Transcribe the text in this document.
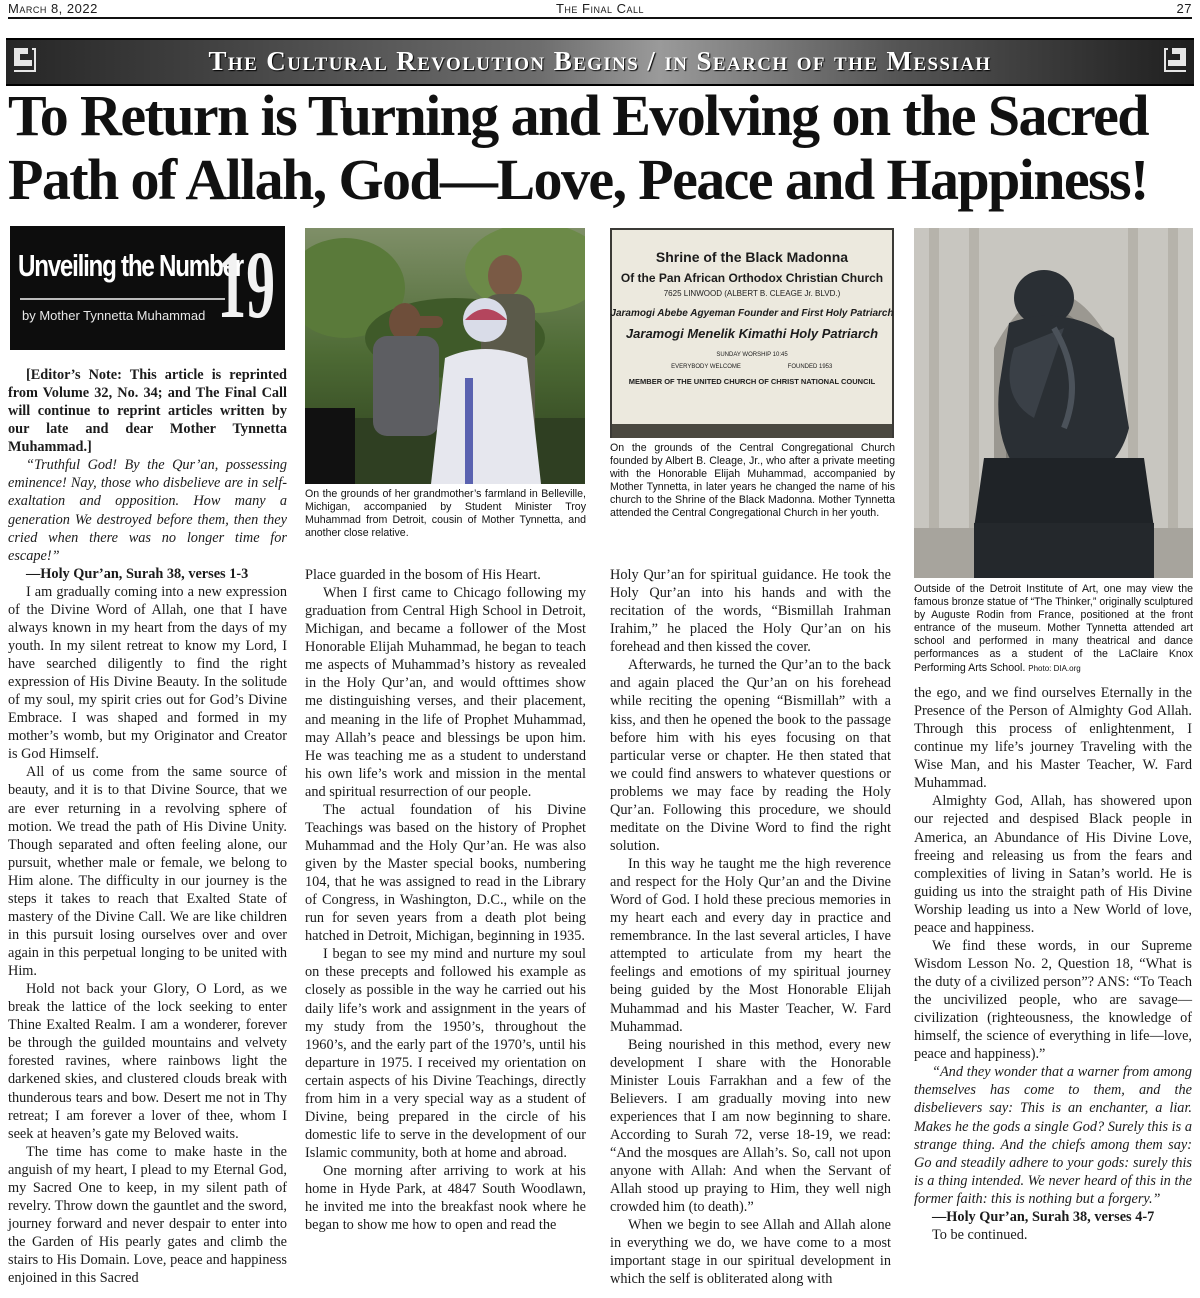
March 8, 2022	The Final Call	27
The Cultural Revolution Begins / in Search of the Messiah
To Return is Turning and Evolving on the Sacred
Path of Allah, God—Love, Peace and Happiness!
Unveiling the Number
by Mother Tynnetta Muhammad 19
On the grounds of her grandmother’s farmland in Belleville, Michigan, accompanied by Student Minister Troy Muhammad from Detroit, cousin of Mother Tynnetta, and another close relative.
Shrine of the Black Madonna
Of the Pan African Orthodox Christian Church
7625 LINWOOD (ALBERT B. CLEAGE Jr. BLVD.)
Jaramogi Abebe Agyeman Founder and First Holy Patriarch
Jaramogi Menelik Kimathi Holy Patriarch
SUNDAY WORSHIP 10:45
EVERYBODY WELCOME	FOUNDED 1953
MEMBER OF THE UNITED CHURCH OF CHRIST NATIONAL COUNCIL
On the grounds of the Central Congregational Church founded by Albert B. Cleage, Jr., who after a private meeting with the Honorable Elijah Muhammad, accompanied by Mother Tynnetta, in later years he changed the name of his church to the Shrine of the Black Madonna. Mother Tynnetta attended the Central Congregational Church in her youth.
Outside of the Detroit Institute of Art, one may view the famous bronze statue of “The Thinker,” originally sculptured by Auguste Rodin from France, positioned at the front entrance of the museum. Mother Tynnetta attended art school and performed in many theatrical and dance performances as a student of the LaClaire Knox Performing Arts School. Photo: DIA.org

[Editor’s Note: This article is reprinted from Volume 32, No. 34; and The Final Call will continue to reprint articles written by our late and dear Mother Tynnetta Muhammad.]

“Truthful God! By the Qur’an, possessing eminence! Nay, those who disbelieve are in self-exaltation and opposition. How many a generation We destroyed before them, then they cried when there was no longer time for escape!”

—Holy Qur’an, Surah 38, verses 1-3

I am gradually coming into a new expression of the Divine Word of Allah, one that I have always known in my heart from the days of my youth. In my silent retreat to know my Lord, I have searched diligently to find the right expression of His Divine Beauty. In the solitude of my soul, my spirit cries out for God’s Divine Embrace. I was shaped and formed in my mother’s womb, but my Originator and Creator is God Himself.

All of us come from the same source of beauty, and it is to that Divine Source, that we are ever returning in a revolving sphere of motion. We tread the path of His Divine Unity. Though separated and often feeling alone, our pursuit, whether male or female, we belong to Him alone. The difficulty in our journey is the steps it takes to reach that Exalted State of mastery of the Divine Call. We are like children in this pursuit losing ourselves over and over again in this perpetual longing to be united with Him.

Hold not back your Glory, O Lord, as we break the lattice of the lock seeking to enter Thine Exalted Realm. I am a wonderer, forever be through the guilded mountains and velvety forested ravines, where rainbows light the darkened skies, and clustered clouds break with thunderous tears and bow. Desert me not in Thy retreat; I am forever a lover of thee, whom I seek at heaven’s gate my Beloved waits.

The time has come to make haste in the anguish of my heart, I plead to my Eternal God, my Sacred One to keep, in my silent path of revelry. Throw down the gauntlet and the sword, journey forward and never despair to enter into the Garden of His pearly gates and climb the stairs to His Domain. Love, peace and happiness enjoined in this Sacred

Place guarded in the bosom of His Heart.

When I first came to Chicago following my graduation from Central High School in Detroit, Michigan, and became a follower of the Most Honorable Elijah Muhammad, he began to teach me aspects of Muhammad’s history as revealed in the Holy Qur’an, and would ofttimes show me distinguishing verses, and their placement, and meaning in the life of Prophet Muhammad, may Allah’s peace and blessings be upon him. He was teaching me as a student to understand his own life’s work and mission in the mental and spiritual resurrection of our people.

The actual foundation of his Divine Teachings was based on the history of Prophet Muhammad and the Holy Qur’an. He was also given by the Master special books, numbering 104, that he was assigned to read in the Library of Congress, in Washington, D.C., while on the run for seven years from a death plot being hatched in Detroit, Michigan, beginning in 1935.

I began to see my mind and nurture my soul on these precepts and followed his example as closely as possible in the way he carried out his daily life’s work and assignment in the years of my study from the 1950’s, throughout the 1960’s, and the early part of the 1970’s, until his departure in 1975. I received my orientation on certain aspects of his Divine Teachings, directly from him in a very special way as a student of Divine, being prepared in the circle of his domestic life to serve in the development of our Islamic community, both at home and abroad.

One morning after arriving to work at his home in Hyde Park, at 4847 South Woodlawn, he invited me into the breakfast nook where he began to show me how to open and read the

Holy Qur’an for spiritual guidance. He took the Holy Qur’an into his hands and with the recitation of the words, “Bismillah Irahman Irahim,” he placed the Holy Qur’an on his forehead and then kissed the cover.

Afterwards, he turned the Qur’an to the back and again placed the Qur’an on his forehead while reciting the opening “Bismillah” with a kiss, and then he opened the book to the passage before him with his eyes focusing on that particular verse or chapter. He then stated that we could find answers to whatever questions or problems we may face by reading the Holy Qur’an. Following this procedure, we should meditate on the Divine Word to find the right solution.

In this way he taught me the high reverence and respect for the Holy Qur’an and the Divine Word of God. I hold these precious memories in my heart each and every day in practice and remembrance. In the last several articles, I have attempted to articulate from my heart the feelings and emotions of my spiritual journey being guided by the Most Honorable Elijah Muhammad and his Master Teacher, W. Fard Muhammad.

Being nourished in this method, every new development I share with the Honorable Minister Louis Farrakhan and a few of the Believers. I am gradually moving into new experiences that I am now beginning to share. According to Surah 72, verse 18-19, we read: “And the mosques are Allah’s. So, call not upon anyone with Allah: And when the Servant of Allah stood up praying to Him, they well nigh crowded him (to death).”

When we begin to see Allah and Allah alone in everything we do, we have come to a most important stage in our spiritual development in which the self is obliterated along with

the ego, and we find ourselves Eternally in the Presence of the Person of Almighty God Allah. Through this process of enlightenment, I continue my life’s journey Traveling with the Wise Man, and his Master Teacher, W. Fard Muhammad.

Almighty God, Allah, has showered upon our rejected and despised Black people in America, an Abundance of His Divine Love, freeing and releasing us from the fears and complexities of living in Satan’s world. He is guiding us into the straight path of His Divine Worship leading us into a New World of love, peace and happiness.

We find these words, in our Supreme Wisdom Lesson No. 2, Question 18, “What is the duty of a civilized person”? ANS: “To Teach the uncivilized people, who are savage—civilization (righteousness, the knowledge of himself, the science of everything in life—love, peace and happiness).”

“And they wonder that a warner from among themselves has come to them, and the disbelievers say: This is an enchanter, a liar. Makes he the gods a single God? Surely this is a strange thing. And the chiefs among them say: Go and steadily adhere to your gods: surely this is a thing intended. We never heard of this in the former faith: this is nothing but a forgery.”

—Holy Qur’an, Surah 38, verses 4-7

To be continued.
